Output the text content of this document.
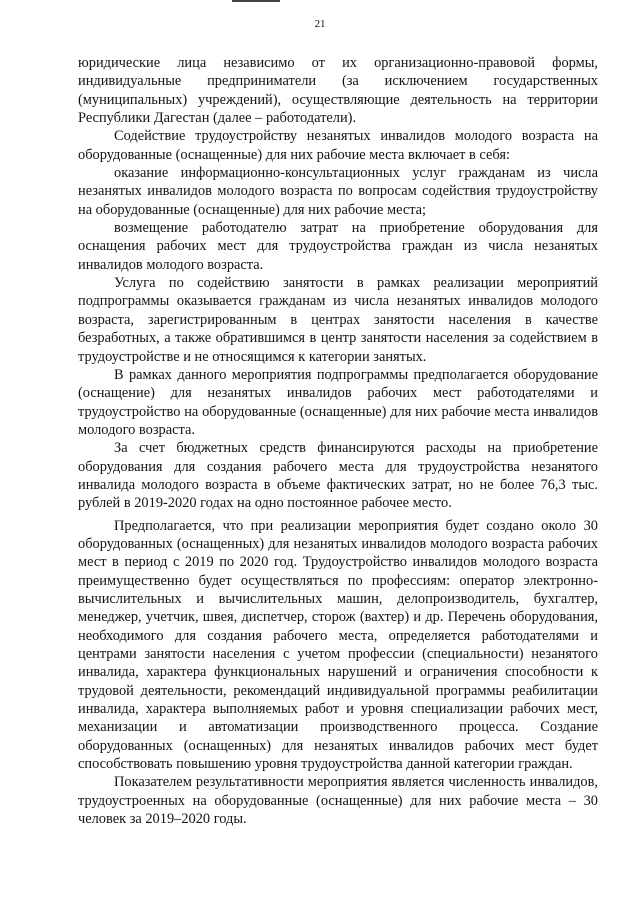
21

юридические лица независимо от их организационно-правовой формы, индивидуальные предприниматели (за исключением государственных (муниципальных) учреждений), осуществляющие деятельность на территории Республики Дагестан (далее – работодатели).

Содействие трудоустройству незанятых инвалидов молодого возраста на оборудованные (оснащенные) для них рабочие места включает в себя:

оказание информационно-консультационных услуг гражданам из числа незанятых инвалидов молодого возраста по вопросам содействия трудоустройству на оборудованные (оснащенные) для них рабочие места;

возмещение работодателю затрат на приобретение оборудования для оснащения рабочих мест для трудоустройства граждан из числа незанятых инвалидов молодого возраста.

Услуга по содействию занятости в рамках реализации мероприятий подпрограммы оказывается гражданам из числа незанятых инвалидов молодого возраста, зарегистрированным в центрах занятости населения в качестве безработных, а также обратившимся в центр занятости населения за содействием в трудоустройстве и не относящимся к категории занятых.

В рамках данного мероприятия подпрограммы предполагается оборудование (оснащение) для незанятых инвалидов рабочих мест работодателями и трудоустройство на оборудованные (оснащенные) для них рабочие места инвалидов молодого возраста.

За счет бюджетных средств финансируются расходы на приобретение оборудования для создания рабочего места для трудоустройства незанятого инвалида молодого возраста в объеме фактических затрат, но не более 76,3 тыс. рублей в 2019-2020 годах на одно постоянное рабочее место.

Предполагается, что при реализации мероприятия будет создано около 30 оборудованных (оснащенных) для незанятых инвалидов молодого возраста рабочих мест в период с 2019 по 2020 год. Трудоустройство инвалидов молодого возраста преимущественно будет осуществляться по профессиям: оператор электронно-вычислительных и вычислительных машин, делопроизводитель, бухгалтер, менеджер, учетчик, швея, диспетчер, сторож (вахтер) и др. Перечень оборудования, необходимого для создания рабочего места, определяется работодателями и центрами занятости населения с учетом профессии (специальности) незанятого инвалида, характера функциональных нарушений и ограничения способности к трудовой деятельности, рекомендаций индивидуальной программы реабилитации инвалида, характера выполняемых работ и уровня специализации рабочих мест, механизации и автоматизации производственного процесса. Создание оборудованных (оснащенных) для незанятых инвалидов рабочих мест будет способствовать повышению уровня трудоустройства данной категории граждан.

Показателем результативности мероприятия является численность инвалидов, трудоустроенных на оборудованные (оснащенные) для них рабочие места – 30 человек за 2019–2020 годы.
